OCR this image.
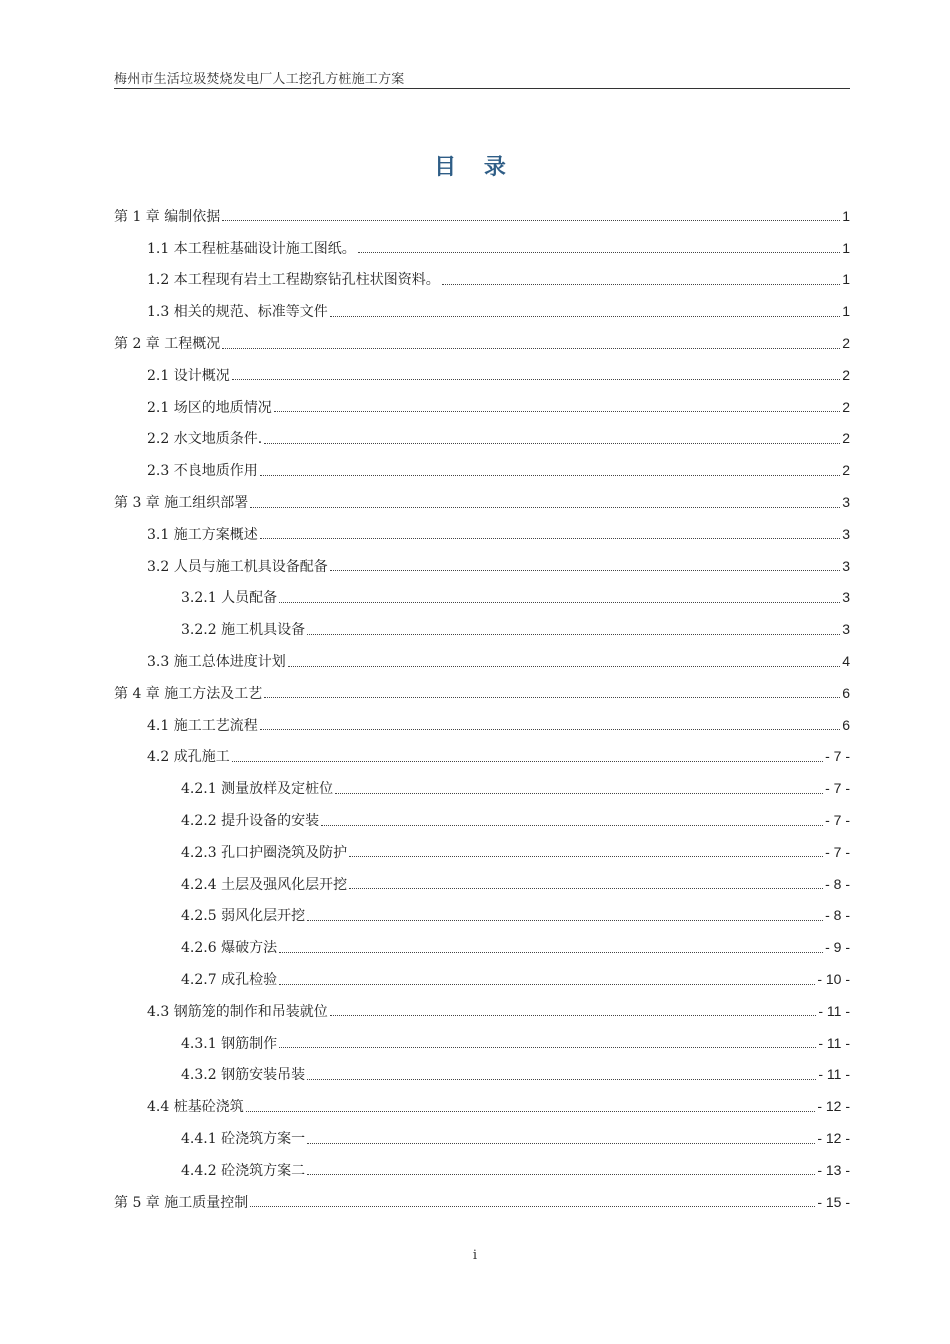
梅州市生活垃圾焚烧发电厂人工挖孔方桩施工方案
目 录
第 1 章 编制依据	1
1.1 本工程桩基础设计施工图纸。	1
1.2 本工程现有岩土工程勘察钻孔柱状图资料。	1
1.3 相关的规范、标准等文件	1
第 2 章 工程概况	2
2.1 设计概况	2
2.1 场区的地质情况	2
2.2 水文地质条件.	2
2.3 不良地质作用	2
第 3 章 施工组织部署	3
3.1 施工方案概述	3
3.2 人员与施工机具设备配备	3
3.2.1 人员配备	3
3.2.2 施工机具设备	3
3.3 施工总体进度计划	4
第 4 章 施工方法及工艺	6
4.1 施工工艺流程	6
4.2 成孔施工	- 7 -
4.2.1 测量放样及定桩位	- 7 -
4.2.2 提升设备的安装	- 7 -
4.2.3 孔口护圈浇筑及防护	- 7 -
4.2.4 土层及强风化层开挖	- 8 -
4.2.5 弱风化层开挖	- 8 -
4.2.6 爆破方法	- 9 -
4.2.7 成孔检验	- 10 -
4.3 钢筋笼的制作和吊装就位	- 11 -
4.3.1 钢筋制作	- 11 -
4.3.2 钢筋安装吊装	- 11 -
4.4 桩基砼浇筑	- 12 -
4.4.1 砼浇筑方案一	- 12 -
4.4.2 砼浇筑方案二	- 13 -
第 5 章 施工质量控制	- 15 -
i
